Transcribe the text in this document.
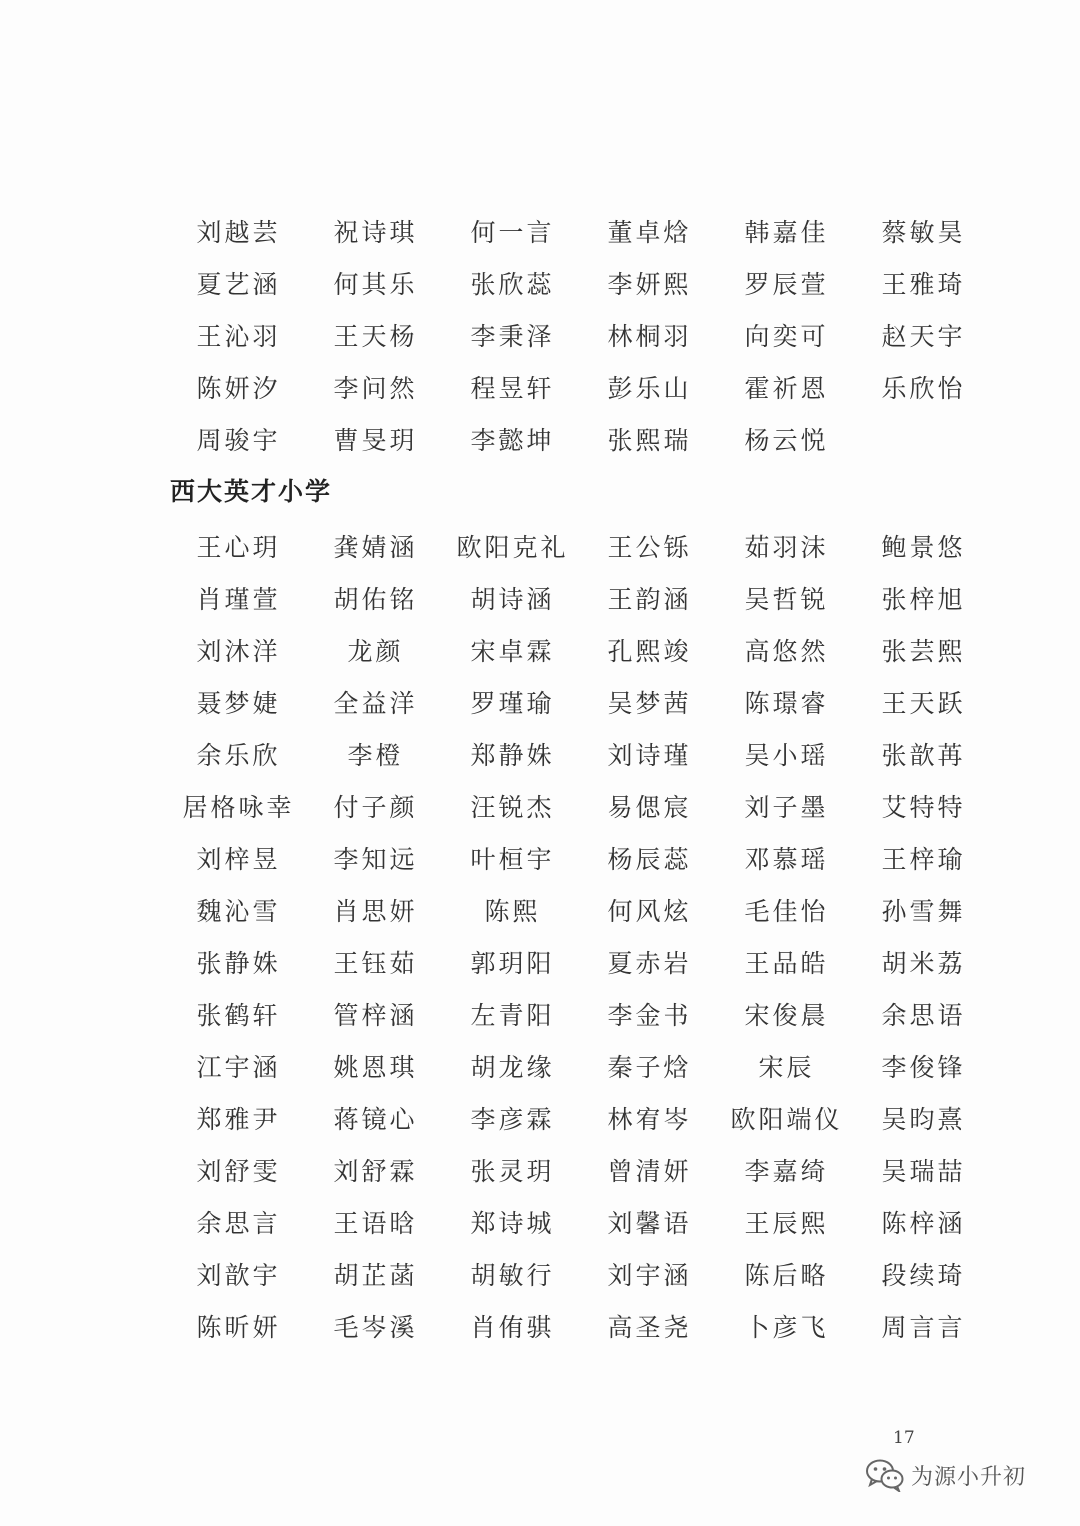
刘越芸	祝诗琪	何一言	董卓焓	韩嘉佳	蔡敏昊
夏艺涵	何其乐	张欣蕊	李妍熙	罗辰萱	王雅琦
王沁羽	王天杨	李秉泽	林桐羽	向奕可	赵天宇
陈妍汐	李问然	程昱轩	彭乐山	霍祈恩	乐欣怡
周骏宇	曹旻玥	李懿坤	张熙瑞	杨云悦
西大英才小学
王心玥	龚婧涵	欧阳克礼	王公铄	茹羽沫	鲍景悠
肖瑾萱	胡佑铭	胡诗涵	王韵涵	吴哲锐	张梓旭
刘沐洋	龙颜	宋卓霖	孔熙竣	高悠然	张芸熙
聂梦婕	全益洋	罗瑾瑜	吴梦茜	陈璟睿	王天跃
余乐欣	李橙	郑静姝	刘诗瑾	吴小瑶	张歆苒
居格咏幸	付子颜	汪锐杰	易偲宸	刘子墨	艾特特
刘梓昱	李知远	叶桓宇	杨辰蕊	邓慕瑶	王梓瑜
魏沁雪	肖思妍	陈熙	何风炫	毛佳怡	孙雪舞
张静姝	王钰茹	郭玥阳	夏赤岩	王品皓	胡米荔
张鹤轩	管梓涵	左青阳	李金书	宋俊晨	余思语
江宇涵	姚恩琪	胡龙缘	秦子焓	宋辰	李俊锋
郑雅尹	蒋镜心	李彦霖	林宥岑	欧阳端仪	吴昀熹
刘舒雯	刘舒霖	张灵玥	曾清妍	李嘉绮	吴瑞喆
余思言	王语晗	郑诗城	刘馨语	王辰熙	陈梓涵
刘歆宇	胡芷菡	胡敏行	刘宇涵	陈后略	段续琦
陈昕妍	毛岑溪	肖侑骐	高圣尧	卜彦飞	周言言
17
为源小升初
